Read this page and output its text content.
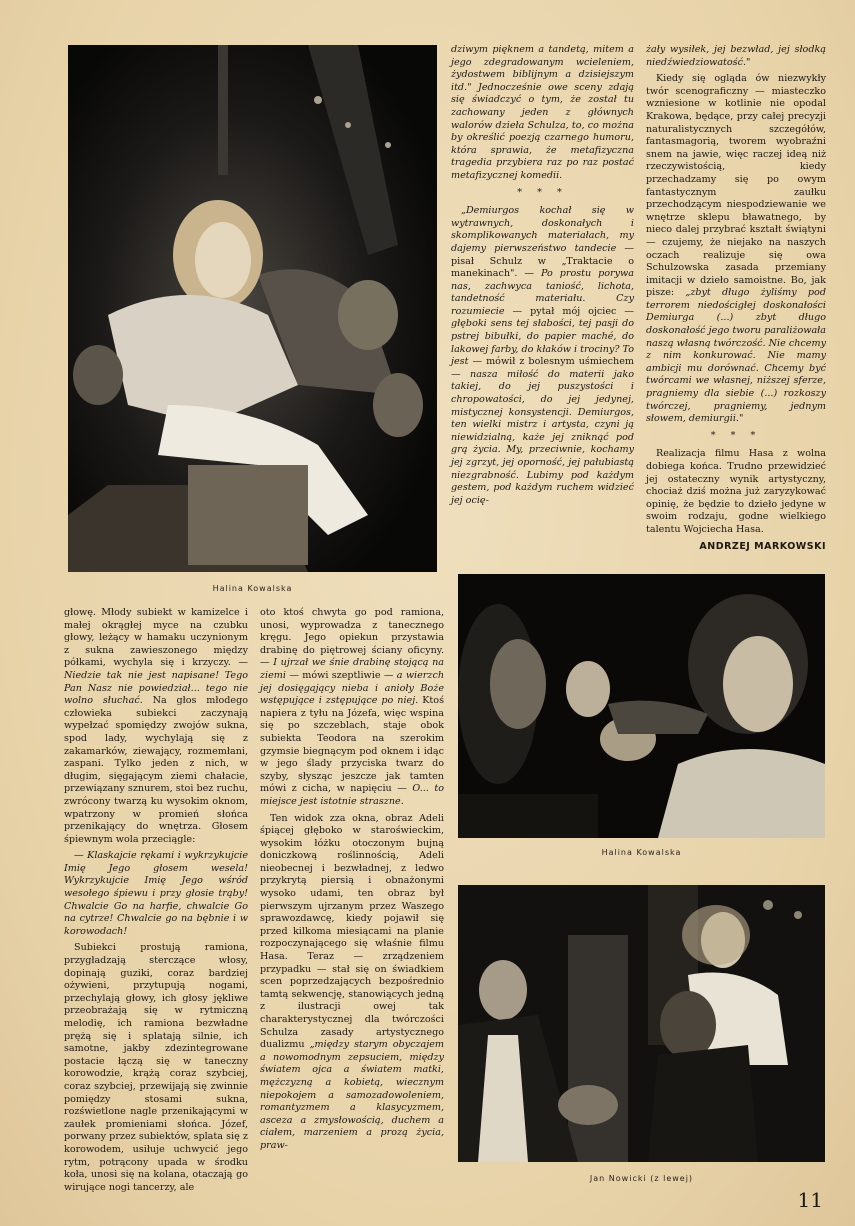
Halina Kowalska

dziwym pięknem a tandetą, mitem a jego zdegradowanym wcieleniem, żydostwem biblijnym a dzisiejszym itd." Jednocześnie owe sceny zdają się świadczyć o tym, że został tu zachowany jeden z głównych walorów dzieła Schulza, to, co można by określić poezją czarnego humoru, która sprawia, że metafizyczna tragedia przybiera raz po raz postać metafizycznej komedii.

* * *

„Demiurgos kochał się w wytrawnych, doskonałych i skomplikowanych materiałach, my dajemy pierwszeństwo tandecie — pisał Schulz w „Traktacie o manekinach". — Po prostu porywa nas, zachwyca taniość, lichota, tandetność materiału. Czy rozumiecie — pytał mój ojciec — głęboki sens tej słabości, tej pasji do pstrej bibułki, do papier maché, do lakowej farby, do kłaków i trociny? To jest — mówił z bolesnym uśmiechem — nasza miłość do materii jako takiej, do jej puszystości i chropowatości, do jej jedynej, mistycznej konsystencji. Demiurgos, ten wielki mistrz i artysta, czyni ją niewidzialną, każe jej zniknąć pod grą życia. My, przeciwnie, kochamy jej zgrzyt, jej oporność, jej pałubiastą niezgrabność. Lubimy pod każdym gestem, pod każdym ruchem widzieć jej ocię-

żały wysiłek, jej bezwład, jej słodką niedźwiedziowatość."

Kiedy się ogląda ów niezwykły twór scenograficzny — miasteczko wzniesione w kotlinie nie opodal Krakowa, będące, przy całej precyzji naturalistycznych szczegółów, fantasmagorią, tworem wyobraźni snem na jawie, więc raczej ideą niż rzeczywistością, kiedy przechadzamy się po owym fantastycznym zaułku przechodzącym niespodziewanie we wnętrze sklepu bławatnego, by nieco dalej przybrać kształt świątyni — czujemy, że niejako na naszych oczach realizuje się owa Schulzowska zasada przemiany imitacji w dzieło samoistne. Bo, jak pisze: „zbyt długo żyliśmy pod terrorem niedościgłej doskonałości Demiurga (...) zbyt długo doskonałość jego tworu paraliżowała naszą własną twórczość. Nie chcemy z nim konkurować. Nie mamy ambicji mu dorównać. Chcemy być twórcami we własnej, niższej sferze, pragniemy dla siebie (...) rozkoszy twórczej, pragniemy, jednym słowem, demiurgii."

* * *

Realizacja filmu Hasa z wolna dobiega końca. Trudno przewidzieć jej ostateczny wynik artystyczny, chociaż dziś można już zaryzykować opinię, że będzie to dzieło jedyne w swoim rodzaju, godne wielkiego talentu Wojciecha Hasa.

ANDRZEJ MARKOWSKI

głowę. Młody subiekt w kamizelce i małej okrągłej myce na czubku głowy, leżący w hamaku uczynionym z sukna zawieszonego między półkami, wychyla się i krzyczy. — Niedzie tak nie jest napisane! Tego Pan Nasz nie powiedział... tego nie wolno słuchać. Na głos młodego człowieka subiekci zaczynają wypełzać spomiędzy zwojów sukna, spod lady, wychylają się z zakamarków, ziewający, rozmemłani, zaspani. Tylko jeden z nich, w długim, sięgającym ziemi chałacie, przewiązany sznurem, stoi bez ruchu, zwrócony twarzą ku wysokim oknom, wpatrzony w promień słońca przenikający do wnętrza. Głosem śpiewnym wola przeciągle:

— Klaskajcie rękami i wykrzykujcie Imię Jego głosem wesela! Wykrzykujcie Imię Jego wśród wesołego śpiewu i przy głosie trąby! Chwalcie Go na harfie, chwalcie Go na cytrze! Chwalcie go na bębnie i w korowodach!

Subiekci prostują ramiona, przygładzają sterczące włosy, dopinają guziki, coraz bardziej ożywieni, przytupują nogami, przechylają głowy, ich głosy jękliwe przeobrażają się w rytmiczną melodię, ich ramiona bezwładne prężą się i splatają silnie, ich samotne, jakby zdezintegrowane postacie łączą się w taneczny korowodzie, krążą coraz szybciej, coraz szybciej, przewijają się zwinnie pomiędzy stosami sukna, rozświetlone nagle przenikającymi w zaułek promieniami słońca. Józef, porwany przez subiektów, splata się z korowodem, usiłuje uchwycić jego rytm, potrącony upada w środku koła, unosi się na kolana, otaczają go wirujące nogi tancerzy, ale

oto ktoś chwyta go pod ramiona, unosi, wyprowadza z tanecznego kręgu. Jego opiekun przystawia drabinę do piętrowej ściany oficyny. — I ujrzał we śnie drabinę stojącą na ziemi — mówi szeptliwie — a wierzch jej dosięgający nieba i anioły Boże wstępujące i zstępujące po niej. Ktoś napiera z tyłu na Józefa, więc wspina się po szczeblach, staje obok subiekta Teodora na szerokim gzymsie biegnącym pod oknem i idąc w jego ślady przyciska twarz do szyby, słysząc jeszcze jak tamten mówi z cicha, w napięciu — O... to miejsce jest istotnie straszne.

Ten widok zza okna, obraz Adeli śpiącej głęboko w staroświeckim, wysokim łóżku otoczonym bujną doniczkową roślinnością, Adeli nieobecnej i bezwładnej, z ledwo przykrytą piersią i obnażonymi wysoko udami, ten obraz był pierwszym ujrzanym przez Waszego sprawozdawcę, kiedy pojawił się przed kilkoma miesiącami na planie rozpoczynającego się właśnie filmu Hasa. Teraz — zrządzeniem przypadku — stał się on świadkiem scen poprzedzających bezpośrednio tamtą sekwencję, stanowiących jedną z ilustracji owej tak charakterystycznej dla twórczości Schulza zasady artystycznego dualizmu „między starym obyczajem a nowomodnym zepsuciem, między światem ojca a światem matki, mężczyzną a kobietą, wiecznym niepokojem a samozadowoleniem, romantyzmem a klasycyzmem, asceza a zmysłowością, duchem a ciałem, marzeniem a prozą życia, praw-

Halina Kowalska
Jan Nowicki (z lewej)
11
